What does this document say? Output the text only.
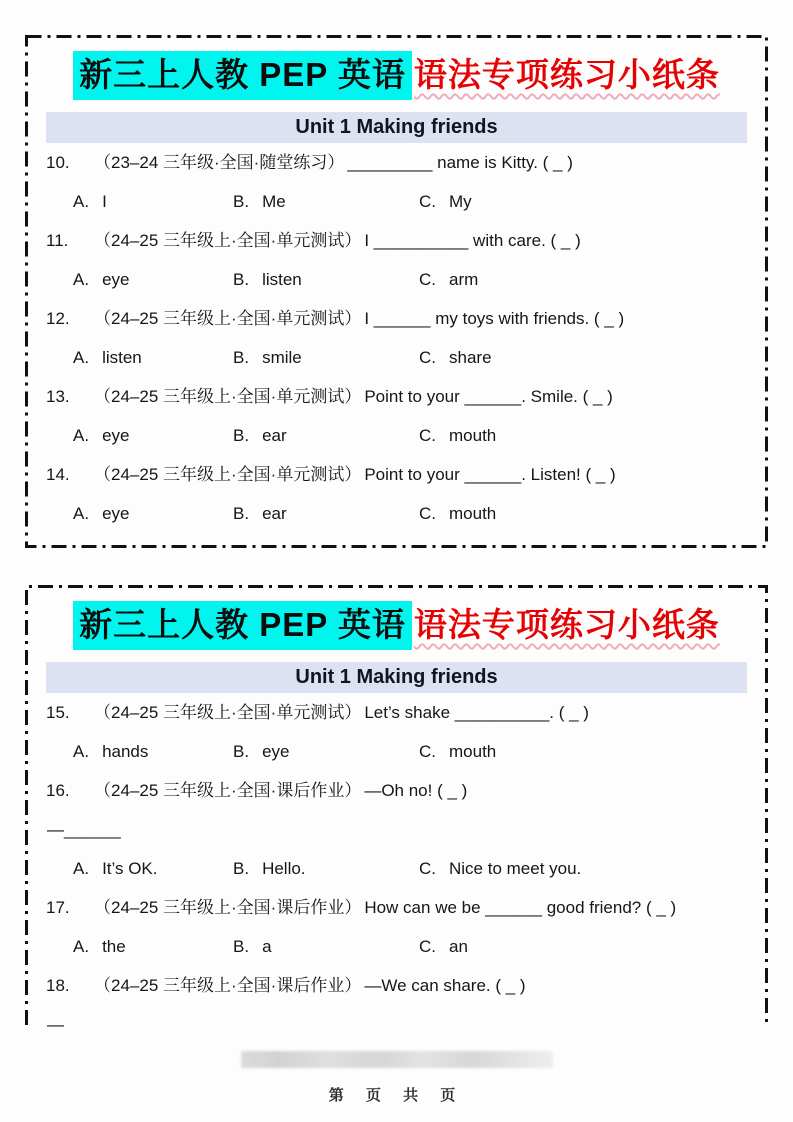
新三上人教 PEP 英语 语法专项练习小纸条
Unit 1 Making friends

10. （23–24 三年级·全国·随堂练习） _________ name is Kitty. ( _ )

A. I	B. Me	C. My

11. （24–25 三年级上·全国·单元测试） I __________ with care. ( _ )

A. eye	B. listen	C. arm

12. （24–25 三年级上·全国·单元测试） I ______ my toys with friends. ( _ )

A. listen	B. smile	C. share

13. （24–25 三年级上·全国·单元测试） Point to your ______. Smile. ( _ )

A. eye	B. ear	C. mouth

14. （24–25 三年级上·全国·单元测试） Point to your ______. Listen! ( _ )

A. eye	B. ear	C. mouth

新三上人教 PEP 英语 语法专项练习小纸条
Unit 1 Making friends

15. （24–25 三年级上·全国·单元测试） Let’s shake __________. ( _ )

A. hands	B. eye	C. mouth

16. （24–25 三年级上·全国·课后作业） —Oh no! ( _ )

—______

A. It’s OK.	B. Hello.	C. Nice to meet you.

17. （24–25 三年级上·全国·课后作业） How can we be ______ good friend? ( _ )

A. the	B. a	C. an

18. （24–25 三年级上·全国·课后作业） —We can share. ( _ )

—

第 页 共 页
